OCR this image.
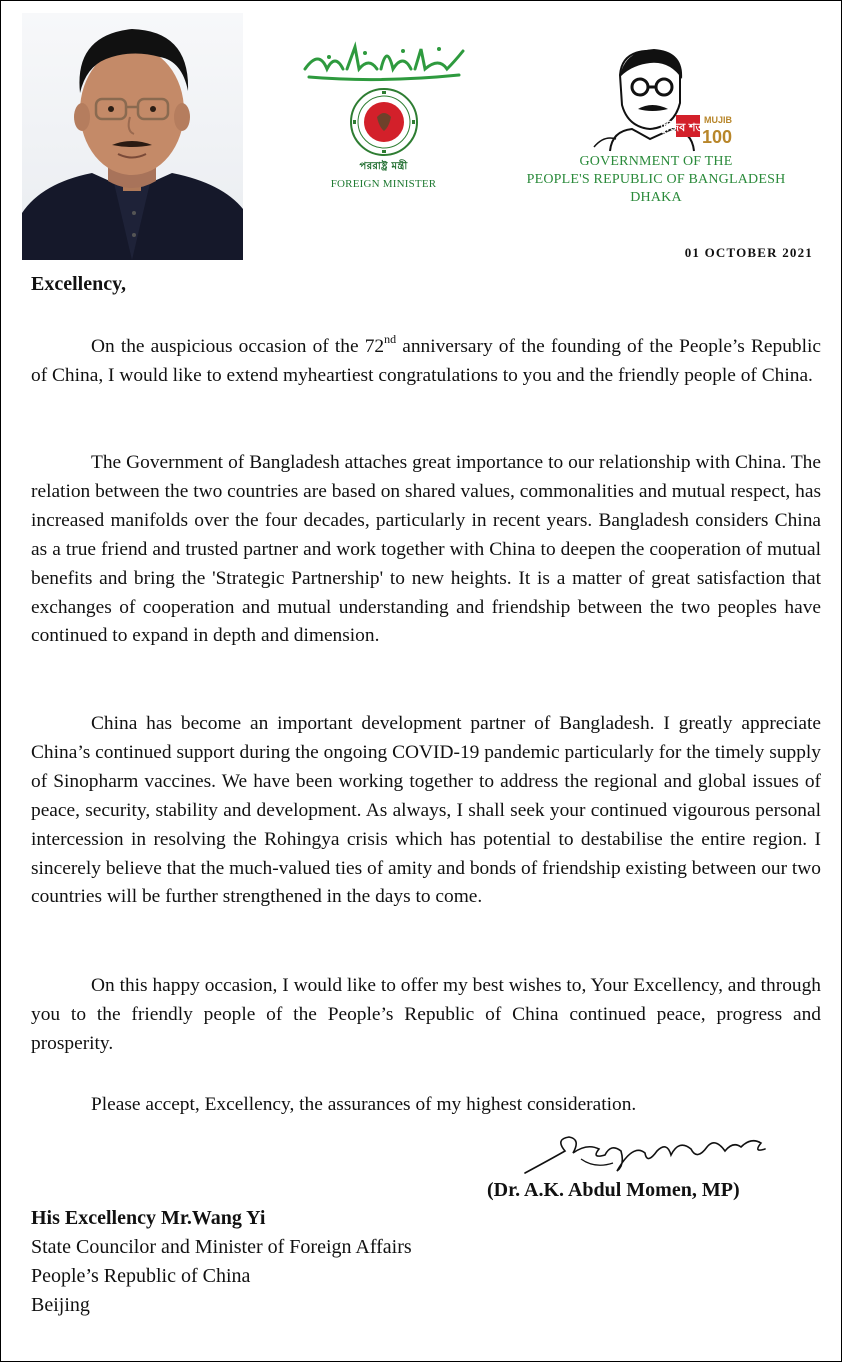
পররাষ্ট্র মন্ত্রী
FOREIGN MINISTER
মুজিব শতবর্ষ
MUJIB
100
GOVERNMENT OF THE
PEOPLE'S REPUBLIC OF BANGLADESH
DHAKA
01 OCTOBER 2021
Excellency,

On the auspicious occasion of the 72nd anniversary of the founding of the People’s Republic of China, I would like to extend myheartiest congratulations to you and the friendly people of China.

The Government of Bangladesh attaches great importance to our relationship with China. The relation between the two countries are based on shared values, commonalities and mutual respect, has increased manifolds over the four decades, particularly in recent years. Bangladesh considers China as a true friend and trusted partner and work together with China to deepen the cooperation of mutual benefits and bring the 'Strategic Partnership' to new heights. It is a matter of great satisfaction that exchanges of cooperation and mutual understanding and friendship between the two peoples have continued to expand in depth and dimension.

China has become an important development partner of Bangladesh. I greatly appreciate China’s continued support during the ongoing COVID-19 pandemic particularly for the timely supply of Sinopharm vaccines. We have been working together to address the regional and global issues of peace, security, stability and development. As always, I shall seek your continued vigourous personal intercession in resolving the Rohingya crisis which has potential to destabilise the entire region. I sincerely believe that the much-valued ties of amity and bonds of friendship existing between our two countries will be further strengthened in the days to come.

On this happy occasion, I would like to offer my best wishes to, Your Excellency, and through you to the friendly people of the People’s Republic of China continued peace, progress and prosperity.

Please accept, Excellency, the assurances of my highest consideration.

(Dr. A.K. Abdul Momen, MP)
His Excellency Mr.Wang Yi
State Councilor and Minister of Foreign Affairs
People’s Republic of China
Beijing
